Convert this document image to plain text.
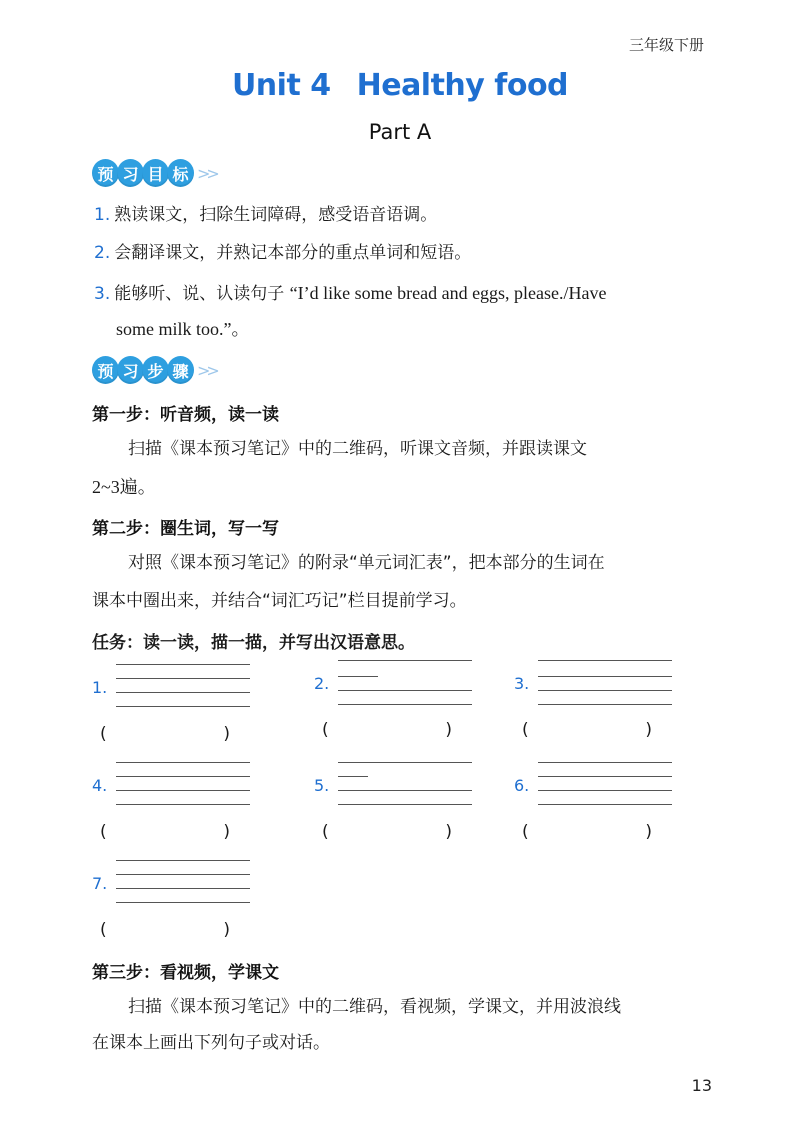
三年级下册
Unit 4 Healthy food
Part A
预 习 目 标 >>
1. 熟读课文，扫除生词障碍，感受语音语调。
2. 会翻译课文，并熟记本部分的重点单词和短语。
3. 能够听、说、认读句子 “I’d like some bread and eggs, please./Have
some milk too.”。
预 习 步 骤 >>
第一步：听音频，读一读
扫描《课本预习笔记》中的二维码，听课文音频，并跟读课文
2~3遍。
第二步：圈生词，写一写
对照《课本预习笔记》的附录“单元词汇表”，把本部分的生词在
课本中圈出来，并结合“词汇巧记”栏目提前学习。
任务：读一读，描一描，并写出汉语意思。
1.
(	)
2.
(	)
3.
(	)
4.
(	)
5.
(	)
6.
(	)
7.
(	)
第三步：看视频，学课文
扫描《课本预习笔记》中的二维码，看视频，学课文，并用波浪线
在课本上画出下列句子或对话。
13
